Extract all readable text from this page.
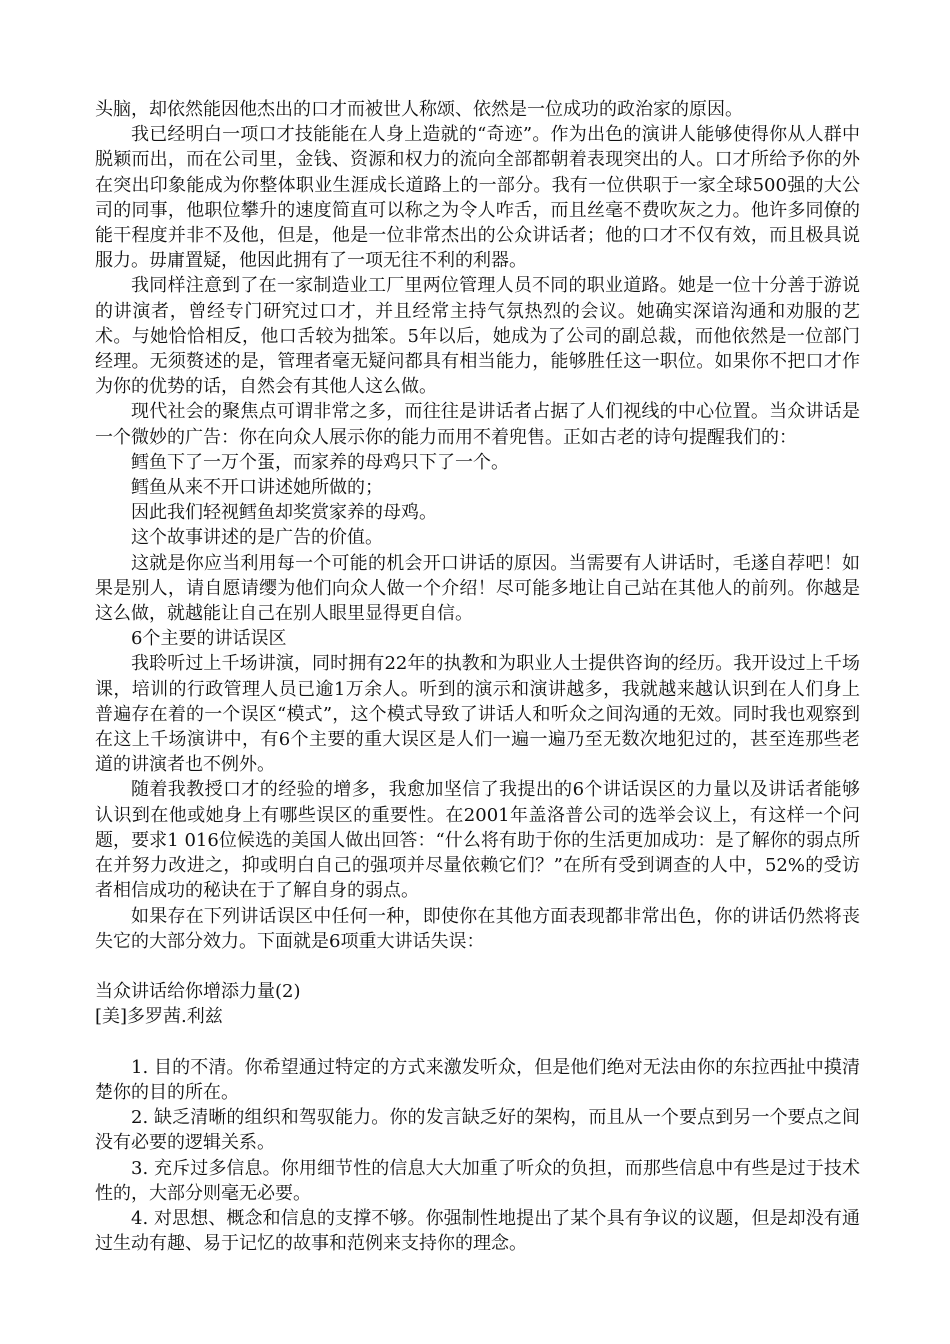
头脑，却依然能因他杰出的口才而被世人称颂、依然是一位成功的政治家的原因。

我已经明白一项口才技能能在人身上造就的“奇迹”。作为出色的演讲人能够使得你从人群中脱颖而出，而在公司里，金钱、资源和权力的流向全部都朝着表现突出的人。口才所给予你的外在突出印象能成为你整体职业生涯成长道路上的一部分。我有一位供职于一家全球500强的大公司的同事，他职位攀升的速度简直可以称之为令人咋舌，而且丝毫不费吹灰之力。他许多同僚的能干程度并非不及他，但是，他是一位非常杰出的公众讲话者；他的口才不仅有效，而且极具说服力。毋庸置疑，他因此拥有了一项无往不利的利器。

我同样注意到了在一家制造业工厂里两位管理人员不同的职业道路。她是一位十分善于游说的讲演者，曾经专门研究过口才，并且经常主持气氛热烈的会议。她确实深谙沟通和劝服的艺术。与她恰恰相反，他口舌较为拙笨。5年以后，她成为了公司的副总裁，而他依然是一位部门经理。无须赘述的是，管理者毫无疑问都具有相当能力，能够胜任这一职位。如果你不把口才作为你的优势的话，自然会有其他人这么做。

现代社会的聚焦点可谓非常之多，而往往是讲话者占据了人们视线的中心位置。当众讲话是一个微妙的广告：你在向众人展示你的能力而用不着兜售。正如古老的诗句提醒我们的：

鳕鱼下了一万个蛋，而家养的母鸡只下了一个。

鳕鱼从来不开口讲述她所做的；

因此我们轻视鳕鱼却奖赏家养的母鸡。

这个故事讲述的是广告的价值。

这就是你应当利用每一个可能的机会开口讲话的原因。当需要有人讲话时，毛遂自荐吧！如果是别人，请自愿请缨为他们向众人做一个介绍！尽可能多地让自己站在其他人的前列。你越是这么做，就越能让自己在别人眼里显得更自信。

6个主要的讲话误区

我聆听过上千场讲演，同时拥有22年的执教和为职业人士提供咨询的经历。我开设过上千场课，培训的行政管理人员已逾1万余人。听到的演示和演讲越多，我就越来越认识到在人们身上普遍存在着的一个误区“模式”，这个模式导致了讲话人和听众之间沟通的无效。同时我也观察到在这上千场演讲中，有6个主要的重大误区是人们一遍一遍乃至无数次地犯过的，甚至连那些老道的讲演者也不例外。

随着我教授口才的经验的增多，我愈加坚信了我提出的6个讲话误区的力量以及讲话者能够认识到在他或她身上有哪些误区的重要性。在2001年盖洛普公司的选举会议上，有这样一个问题，要求1 016位候选的美国人做出回答：“什么将有助于你的生活更加成功：是了解你的弱点所在并努力改进之，抑或明白自己的强项并尽量依赖它们？”在所有受到调查的人中，52%的受访者相信成功的秘诀在于了解自身的弱点。

如果存在下列讲话误区中任何一种，即使你在其他方面表现都非常出色，你的讲话仍然将丧失它的大部分效力。下面就是6项重大讲话失误：

当众讲话给你增添力量(2)

[美]多罗茜.利兹

1. 目的不清。你希望通过特定的方式来激发听众，但是他们绝对无法由你的东拉西扯中摸清楚你的目的所在。

2. 缺乏清晰的组织和驾驭能力。你的发言缺乏好的架构，而且从一个要点到另一个要点之间没有必要的逻辑关系。

3. 充斥过多信息。你用细节性的信息大大加重了听众的负担，而那些信息中有些是过于技术性的，大部分则毫无必要。

4. 对思想、概念和信息的支撑不够。你强制性地提出了某个具有争议的议题，但是却没有通过生动有趣、易于记忆的故事和范例来支持你的理念。
